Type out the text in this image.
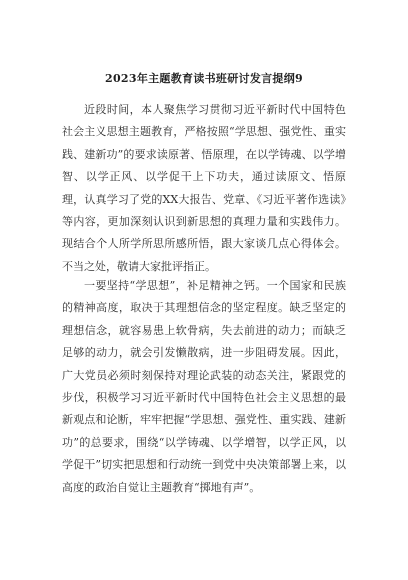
2023年主题教育读书班研讨发言提纲9

近段时间，本人聚焦学习贯彻习近平新时代中国特色社会主义思想主题教育，严格按照“学思想、强党性、重实践、建新功”的要求读原著、悟原理，在以学铸魂、以学增智、以学正风、以学促干上下功夫，通过读原文、悟原理，认真学习了党的XX大报告、党章、《习近平著作选读》等内容，更加深刻认识到新思想的真理力量和实践伟力。现结合个人所学所思所感所悟，跟大家谈几点心得体会。不当之处，敬请大家批评指正。

一要坚持“学思想”，补足精神之钙。一个国家和民族的精神高度，取决于其理想信念的坚定程度。缺乏坚定的理想信念，就容易患上软骨病，失去前进的动力；而缺乏足够的动力，就会引发懒散病，进一步阻碍发展。因此，广大党员必须时刻保持对理论武装的动态关注，紧跟党的步伐，积极学习习近平新时代中国特色社会主义思想的最新观点和论断，牢牢把握“学思想、强党性、重实践、建新功”的总要求，围绕“以学铸魂、以学增智，以学正风，以学促干”切实把思想和行动统一到党中央决策部署上来，以高度的政治自觉让主题教育“掷地有声”。
